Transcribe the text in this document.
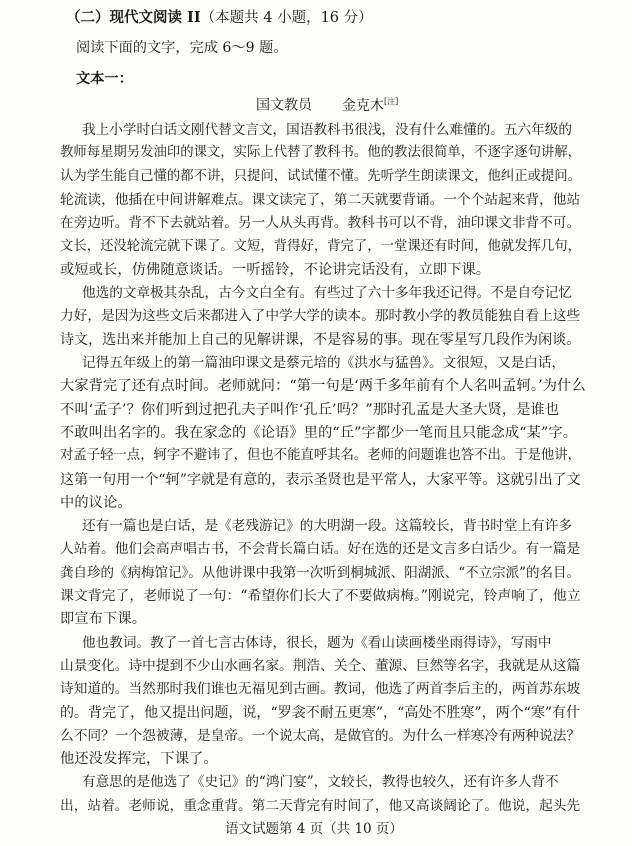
（二）现代文阅读 II（本题共 4 小题，16 分）
阅读下面的文字，完成 6～9 题。
文本一：
国文教员 金克木[注]
我上小学时白话文刚代替文言文，国语教科书很浅，没有什么难懂的。五六年级的
教师每星期另发油印的课文，实际上代替了教科书。他的教法很简单，不逐字逐句讲解，
认为学生能自己懂的都不讲，只提问，试试懂不懂。先听学生朗读课文，他纠正或提问。
轮流读，他插在中间讲解难点。课文读完了，第二天就要背诵。一个个站起来背，他站
在旁边听。背不下去就站着。另一人从头再背。教科书可以不背，油印课文非背不可。
文长，还没轮流完就下课了。文短，背得好，背完了，一堂课还有时间，他就发挥几句，
或短或长，仿佛随意谈话。一听摇铃，不论讲完话没有，立即下课。
他选的文章极其杂乱，古今文白全有。有些过了六十多年我还记得。不是自夸记忆
力好，是因为这些文后来都进入了中学大学的读本。那时教小学的教员能独自看上这些
诗文，选出来并能加上自己的见解讲课，不是容易的事。现在零星写几段作为闲谈。
记得五年级上的第一篇油印课文是蔡元培的《洪水与猛兽》。文很短，又是白话，
大家背完了还有点时间。老师就问：“第一句是‘两千多年前有个人名叫孟轲。’为什么
不叫‘孟子’？你们听到过把孔夫子叫作‘孔丘’吗？”那时孔孟是大圣大贤，是谁也
不敢叫出名字的。我在家念的《论语》里的“丘”字都少一笔而且只能念成“某”字。
对孟子轻一点，轲字不避讳了，但也不能直呼其名。老师的问题谁也答不出。于是他讲，
这第一句用一个“轲”字就是有意的，表示圣贤也是平常人，大家平等。这就引出了文
中的议论。
还有一篇也是白话，是《老残游记》的大明湖一段。这篇较长，背书时堂上有许多
人站着。他们会高声唱古书，不会背长篇白话。好在选的还是文言多白话少。有一篇是
龚自珍的《病梅馆记》。从他讲课中我第一次听到桐城派、阳湖派、“不立宗派”的名目。
课文背完了，老师说了一句：“希望你们长大了不要做病梅。”刚说完，铃声响了，他立
即宣布下课。
他也教词。教了一首七言古体诗，很长，题为《看山读画楼坐雨得诗》，写雨中
山景变化。诗中提到不少山水画名家。荆浩、关仝、董源、巨然等名字，我就是从这篇
诗知道的。当然那时我们谁也无福见到古画。教词，他选了两首李后主的，两首苏东坡
的。背完了，他又提出问题，说，“罗衾不耐五更寒”，“高处不胜寒”，两个“寒”有什
么不同？一个怨被薄，是皇帝。一个说太高，是做官的。为什么一样寒冷有两种说法？
他还没发挥完，下课了。
有意思的是他选了《史记》的“鸿门宴”，文较长，教得也较久，还有许多人背不
出，站着。老师说，重念重背。第二天背完有时间了，他又高谈阔论了。他说，起头先
语文试题第 4 页（共 10 页）
